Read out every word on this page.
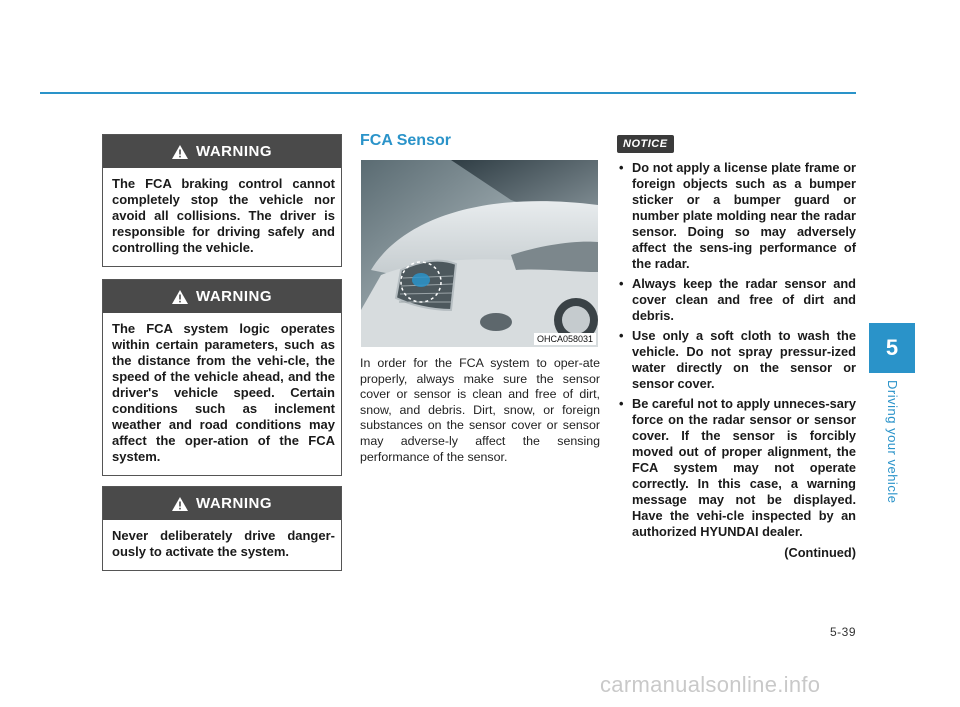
WARNING
The FCA braking control cannot completely stop the vehicle nor avoid all collisions. The driver is responsible for driving safely and controlling the vehicle.
WARNING
The FCA system logic operates within certain parameters, such as the distance from the vehi-cle, the speed of the vehicle ahead, and the driver's vehicle speed. Certain conditions such as inclement weather and road conditions may affect the oper-ation of the FCA system.
WARNING
Never deliberately drive danger-ously to activate the system.
FCA Sensor
OHCA058031
In order for the FCA system to oper-ate properly, always make sure the sensor cover or sensor is clean and free of dirt, snow, and debris. Dirt, snow, or foreign substances on the sensor cover or sensor may adverse-ly affect the sensing performance of the sensor.
NOTICE
• Do not apply a license plate frame or foreign objects such as a bumper sticker or a bumper guard or number plate molding near the radar sensor. Doing so may adversely affect the sens-ing performance of the radar.
• Always keep the radar sensor and cover clean and free of dirt and debris.
• Use only a soft cloth to wash the vehicle. Do not spray pressur-ized water directly on the sensor or sensor cover.
• Be careful not to apply unneces-sary force on the radar sensor or sensor cover. If the sensor is forcibly moved out of proper alignment, the FCA system may not operate correctly. In this case, a warning message may not be displayed. Have the vehi-cle inspected by an authorized HYUNDAI dealer.
(Continued)
5
Driving your vehicle
5-39
carmanualsonline.info
